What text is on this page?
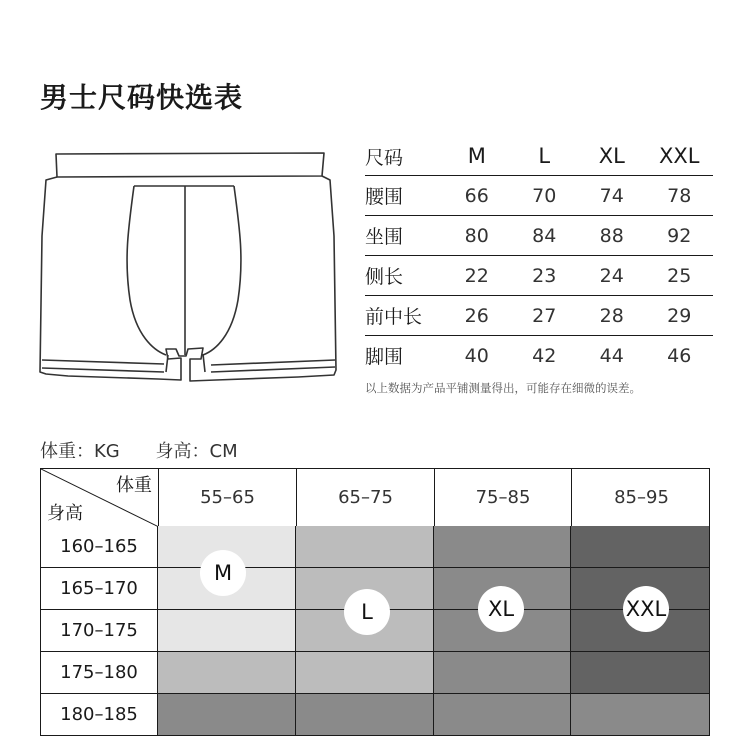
男士尺码快选表
尺码	M	L	XL	XXL
腰围	66	70	74	78
坐围	80	84	88	92
侧长	22	23	24	25
前中长	26	27	28	29
脚围	40	42	44	46
以上数据为产品平铺测量得出，可能存在细微的误差。
体重：KG 身高：CM
体重
身高
55–65	65–75	75–85	85–95
160–165
165–170
170–175
175–180
180–185
M
L	XL	XXL
